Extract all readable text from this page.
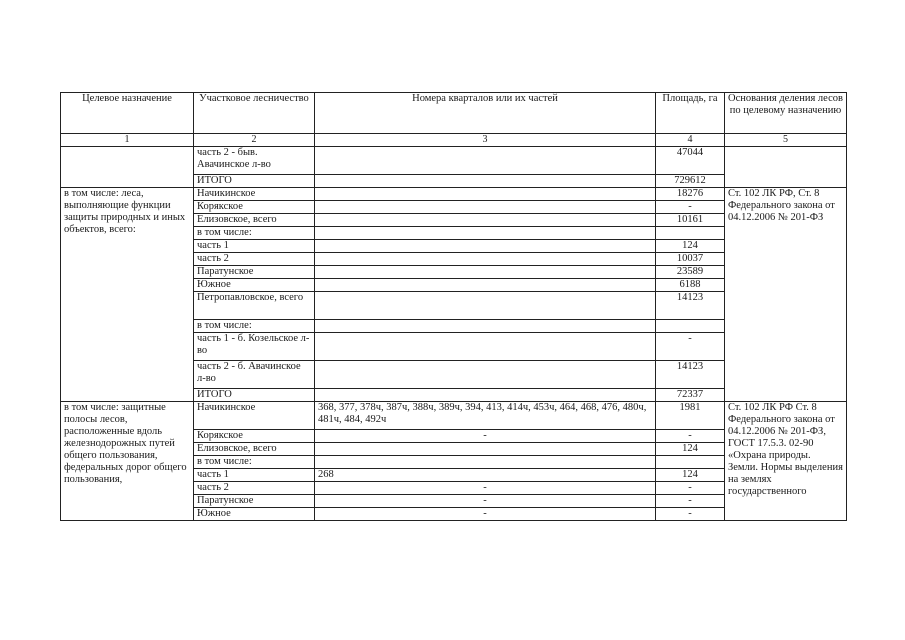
Целевое назначение	Участковое лесничество	Номера кварталов или их частей	Площадь, га	Основания деления лесов по целевому назначению
1	2	3	4	5
	часть 2 - быв. Авачинское л-во		47044	
	ИТОГО		729612	
в том числе: леса, выполняющие функции защиты природных и иных объектов, всего:	Начикинское		18276	Ст. 102 ЛК РФ, Ст. 8 Федерального закона от 04.12.2006 № 201-ФЗ
	Корякское		-	
	Елизовское, всего		10161	
	в том числе:			
	часть 1		124	
	часть 2		10037	
	Паратунское		23589	
	Южное		6188	
	Петропавловское, всего		14123	
	в том числе:			
	часть 1 - б. Козельское л-во		-	
	часть 2 - б. Авачинское л-во		14123	
	ИТОГО		72337	
в том числе: защитные полосы лесов, расположенные вдоль железнодорожных путей общего пользования, федеральных дорог общего пользования,	Начикинское	368, 377, 378ч, 387ч, 388ч, 389ч, 394, 413, 414ч, 453ч, 464, 468, 476, 480ч, 481ч, 484, 492ч	1981	Ст. 102 ЛК РФ Ст. 8 Федерального закона от 04.12.2006 № 201-ФЗ, ГОСТ 17.5.3. 02-90 «Охрана природы. Земли. Нормы выделения на землях государственного
	Корякское	-	-	
	Елизовское, всего		124	
	в том числе:			
	часть 1	268	124	
	часть 2	-	-	
	Паратунское	-	-	
	Южное	-	-	
